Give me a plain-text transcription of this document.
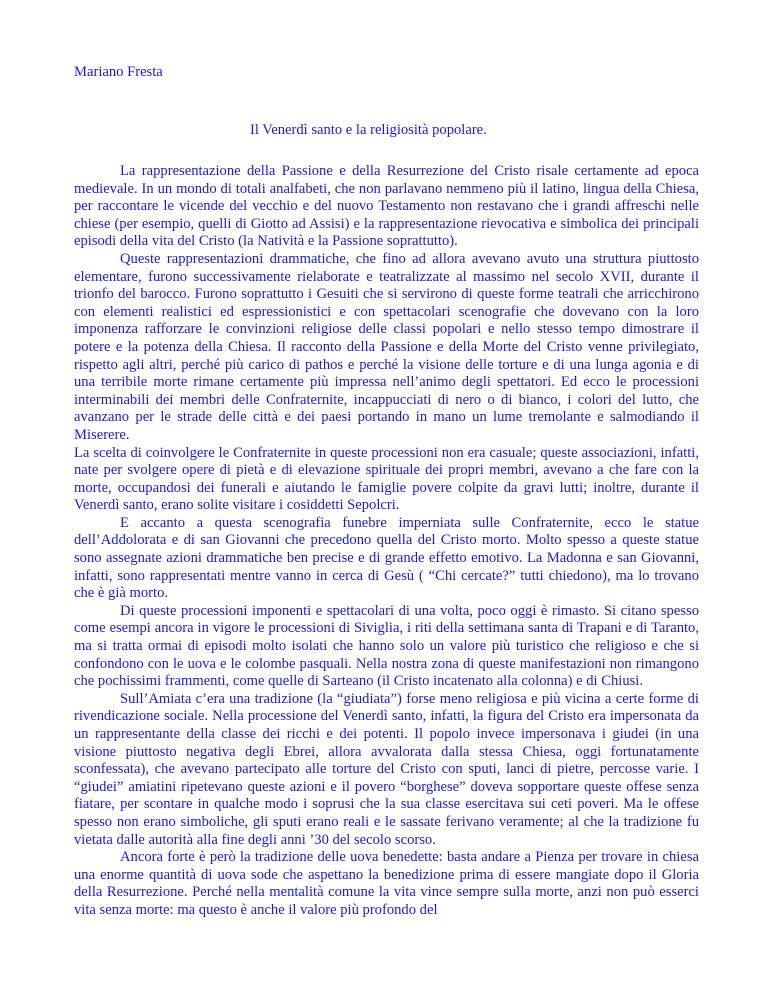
Mariano Fresta

Il Venerdì santo e la religiosità popolare.

La rappresentazione della Passione e della Resurrezione del Cristo risale certamente ad epoca medievale. In un mondo di totali analfabeti, che non parlavano nemmeno più il latino, lingua della Chiesa, per raccontare le vicende del vecchio e del nuovo Testamento non restavano che i grandi affreschi nelle chiese (per esempio, quelli di Giotto ad Assisi) e la rappresentazione rievocativa e simbolica dei principali episodi della vita del Cristo (la Natività e la Passione soprattutto).

Queste rappresentazioni drammatiche, che fino ad allora avevano avuto una struttura piuttosto elementare, furono successivamente rielaborate e teatralizzate al massimo nel secolo XVII, durante il trionfo del barocco. Furono soprattutto i Gesuiti che si servirono di queste forme teatrali che arricchirono con elementi realistici ed espressionistici e con spettacolari scenografie che dovevano con la loro imponenza rafforzare le convinzioni religiose delle classi popolari e nello stesso tempo dimostrare il potere e la potenza della Chiesa. Il racconto della Passione e della Morte del Cristo venne privilegiato, rispetto agli altri, perché più carico di pathos e perché la visione delle torture e di una lunga agonia e di una terribile morte rimane certamente più impressa nell’animo degli spettatori. Ed ecco le processioni interminabili dei membri delle Confraternite, incappucciati di nero o di bianco, i colori del lutto, che avanzano per le strade delle città e dei paesi portando in mano un lume tremolante e salmodiando il Miserere.

La scelta di coinvolgere le Confraternite in queste processioni non era casuale; queste associazioni, infatti, nate per svolgere opere di pietà e di elevazione spirituale dei propri membri, avevano a che fare con la morte, occupandosi dei funerali e aiutando le famiglie povere colpite da gravi lutti; inoltre, durante il Venerdì santo, erano solite visitare i cosiddetti Sepolcri.

E accanto a questa scenografia funebre imperniata sulle Confraternite, ecco le statue dell’Addolorata e di san Giovanni che precedono quella del Cristo morto. Molto spesso a queste statue sono assegnate azioni drammatiche ben precise e di grande effetto emotivo. La Madonna e san Giovanni, infatti, sono rappresentati mentre vanno in cerca di Gesù ( “Chi cercate?” tutti chiedono), ma lo trovano che è già morto.

Di queste processioni imponenti e spettacolari di una volta, poco oggi è rimasto. Si citano spesso come esempi ancora in vigore le processioni di Siviglia, i riti della settimana santa di Trapani e di Taranto, ma si tratta ormai di episodi molto isolati che hanno solo un valore più turistico che religioso e che si confondono con le uova e le colombe pasquali. Nella nostra zona di queste manifestazioni non rimangono che pochissimi frammenti, come quelle di Sarteano (il Cristo incatenato alla colonna) e di Chiusi.

Sull’Amiata c’era una tradizione (la “giudiata”) forse meno religiosa e più vicina a certe forme di rivendicazione sociale. Nella processione del Venerdì santo, infatti, la figura del Cristo era impersonata da un rappresentante della classe dei ricchi e dei potenti. Il popolo invece impersonava i giudei (in una visione piuttosto negativa degli Ebrei, allora avvalorata dalla stessa Chiesa, oggi fortunatamente sconfessata), che avevano partecipato alle torture del Cristo con sputi, lanci di pietre, percosse varie. I “giudei” amiatini ripetevano queste azioni e il povero “borghese” doveva sopportare queste offese senza fiatare, per scontare in qualche modo i soprusi che la sua classe esercitava sui ceti poveri. Ma le offese spesso non erano simboliche, gli sputi erano reali e le sassate ferivano veramente; al che la tradizione fu vietata dalle autorità alla fine degli anni ’30 del secolo scorso.

Ancora forte è però la tradizione delle uova benedette: basta andare a Pienza per trovare in chiesa una enorme quantità di uova sode che aspettano la benedizione prima di essere mangiate dopo il Gloria della Resurrezione. Perché nella mentalità comune la vita vince sempre sulla morte, anzi non può esserci vita senza morte: ma questo è anche il valore più profondo del
